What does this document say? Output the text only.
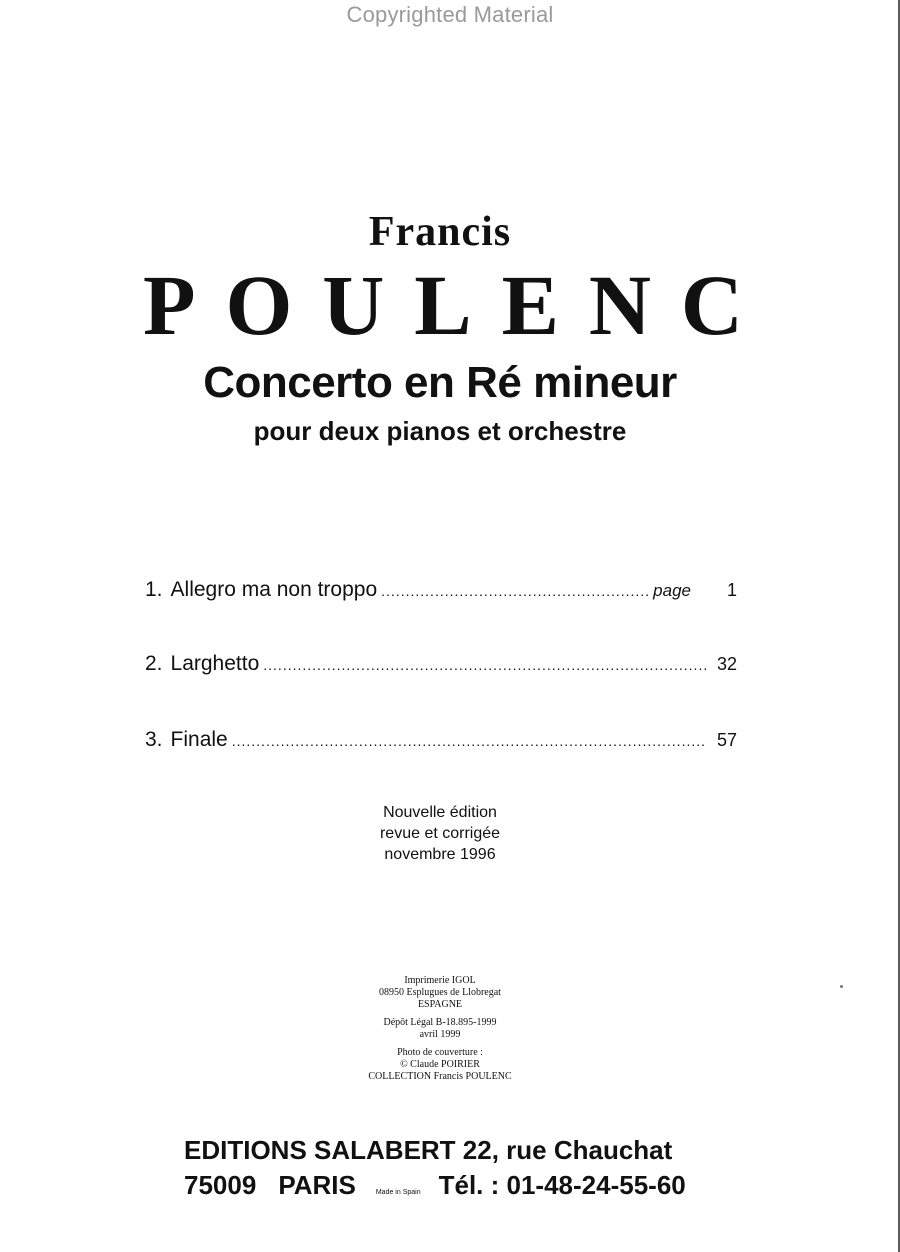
Copyrighted Material
Francis
P O U L E N C
Concerto en Ré mineur
pour deux pianos et orchestre
1. Allegro ma non troppo .....	page	1
2. Larghetto .....	32
3. Finale .....	57
Nouvelle édition
revue et corrigée
novembre 1996
Imprimerie IGOL
08950 Esplugues de Llobregat
ESPAGNE
Dépôt Légal B-18.895-1999
avril 1999
Photo de couverture :
© Claude POIRIER
COLLECTION Francis POULENC
EDITIONS SALABERT 22, rue Chauchat
75009 PARIS	Made in Spain Tél. : 01-48-24-55-60
